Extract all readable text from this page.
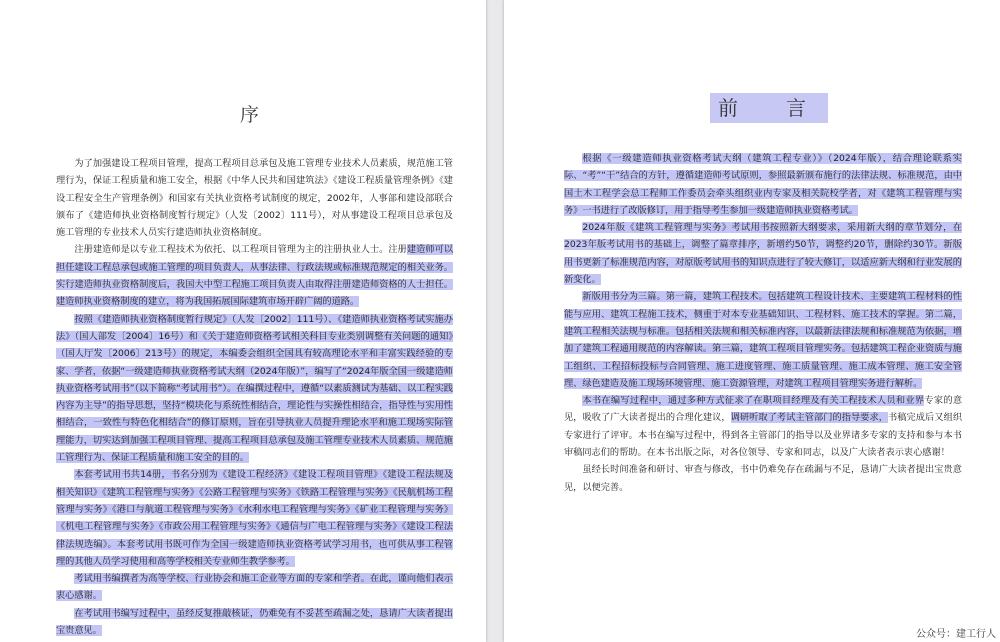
序	前　言

为了加强建设工程项目管理，提高工程项目总承包及施工管理专业技术人员素质，规范施工管理行为，保证工程质量和施工安全，根据《中华人民共和国建筑法》《建设工程质量管理条例》《建设工程安全生产管理条例》和国家有关执业资格考试制度的规定，2002年，人事部和建设部联合颁布了《建造师执业资格制度暂行规定》（人发〔2002〕111号），对从事建设工程项目总承包及施工管理的专业技术人员实行建造师执业资格制度。

注册建造师是以专业工程技术为依托、以工程项目管理为主的注册执业人士。注册建造师可以担任建设工程总承包或施工管理的项目负责人，从事法律、行政法规或标准规范规定的相关业务。实行建造师执业资格制度后，我国大中型工程施工项目负责人由取得注册建造师资格的人士担任。建造师执业资格制度的建立，将为我国拓展国际建筑市场开辟广阔的道路。

按照《建造师执业资格制度暂行规定》（人发〔2002〕111号）、《建造师执业资格考试实施办法》（国人部发〔2004〕16号）和《关于建造师资格考试相关科目专业类别调整有关问题的通知》（国人厅发〔2006〕213号）的规定，本编委会组织全国具有较高理论水平和丰富实践经验的专家、学者，依据“一级建造师执业资格考试大纲（2024年版）”，编写了“2024年版全国一级建造师执业资格考试用书”（以下简称“考试用书”）。在编撰过程中，遵循“以素质测试为基础、以工程实践内容为主导”的指导思想，坚持“模块化与系统性相结合，理论性与实操性相结合，指导性与实用性相结合，一致性与特色化相结合”的修订原则，旨在引导执业人员提升理论水平和施工现场实际管理能力，切实达到加强工程项目管理、提高工程项目总承包及施工管理专业技术人员素质、规范施工管理行为、保证工程质量和施工安全的目的。

本套考试用书共14册，书名分别为《建设工程经济》《建设工程项目管理》《建设工程法规及相关知识》《建筑工程管理与实务》《公路工程管理与实务》《铁路工程管理与实务》《民航机场工程管理与实务》《港口与航道工程管理与实务》《水利水电工程管理与实务》《矿业工程管理与实务》《机电工程管理与实务》《市政公用工程管理与实务》《通信与广电工程管理与实务》《建设工程法律法规选编》。本套考试用书既可作为全国一级建造师执业资格考试学习用书，也可供从事工程管理的其他人员学习使用和高等学校相关专业师生教学参考。

考试用书编撰者为高等学校、行业协会和施工企业等方面的专家和学者。在此，谨向他们表示衷心感谢。

在考试用书编写过程中，虽经反复推敲核证，仍难免有不妥甚至疏漏之处，恳请广大读者提出宝贵意见。

根据《一级建造师执业资格考试大纲（建筑工程专业）》（2024年版），结合理论联系实际、“考”“干”结合的方针，遵循建造师考试原则，参照最新颁布施行的法律法规、标准规范，由中国土木工程学会总工程师工作委员会牵头组织业内专家及相关院校学者，对《建筑工程管理与实务》一书进行了改版修订，用于指导考生参加一级建造师执业资格考试。

2024年版《建筑工程管理与实务》考试用书按照新大纲要求，采用新大纲的章节划分，在2023年版考试用书的基础上，调整了篇章排序，新增约50节，调整约20节，删除约30节。新版用书更新了标准规范内容，对原版考试用书的知识点进行了较大修订，以适应新大纲和行业发展的新变化。

新版用书分为三篇。第一篇，建筑工程技术。包括建筑工程设计技术、主要建筑工程材料的性能与应用、建筑工程施工技术，侧重于对本专业基础知识、工程材料、施工技术的掌握。第二篇，建筑工程相关法规与标准。包括相关法规和相关标准内容，以最新法律法规和标准规范为依据，增加了建筑工程通用规范的内容解读。第三篇，建筑工程项目管理实务。包括建筑工程企业资质与施工组织、工程招标投标与合同管理、施工进度管理、施工质量管理、施工成本管理、施工安全管理、绿色建造及施工现场环境管理、施工资源管理，对建筑工程项目管理实务进行解析。

本书在编写过程中，通过多种方式征求了在职项目经理及有关工程技术人员和业界专家的意见，吸收了广大读者提出的合理化建议，调研听取了考试主管部门的指导要求，书稿完成后又组织专家进行了评审。本书在编写过程中，得到各主管部门的指导以及业界诸多专家的支持和参与本书审稿同志们的帮助。在本书出版之际，对各位领导、专家和同志，以及广大读者表示衷心感谢！

虽经长时间准备和研讨、审查与修改，书中仍难免存在疏漏与不足，恳请广大读者提出宝贵意见，以便完善。

公众号：建工行人
